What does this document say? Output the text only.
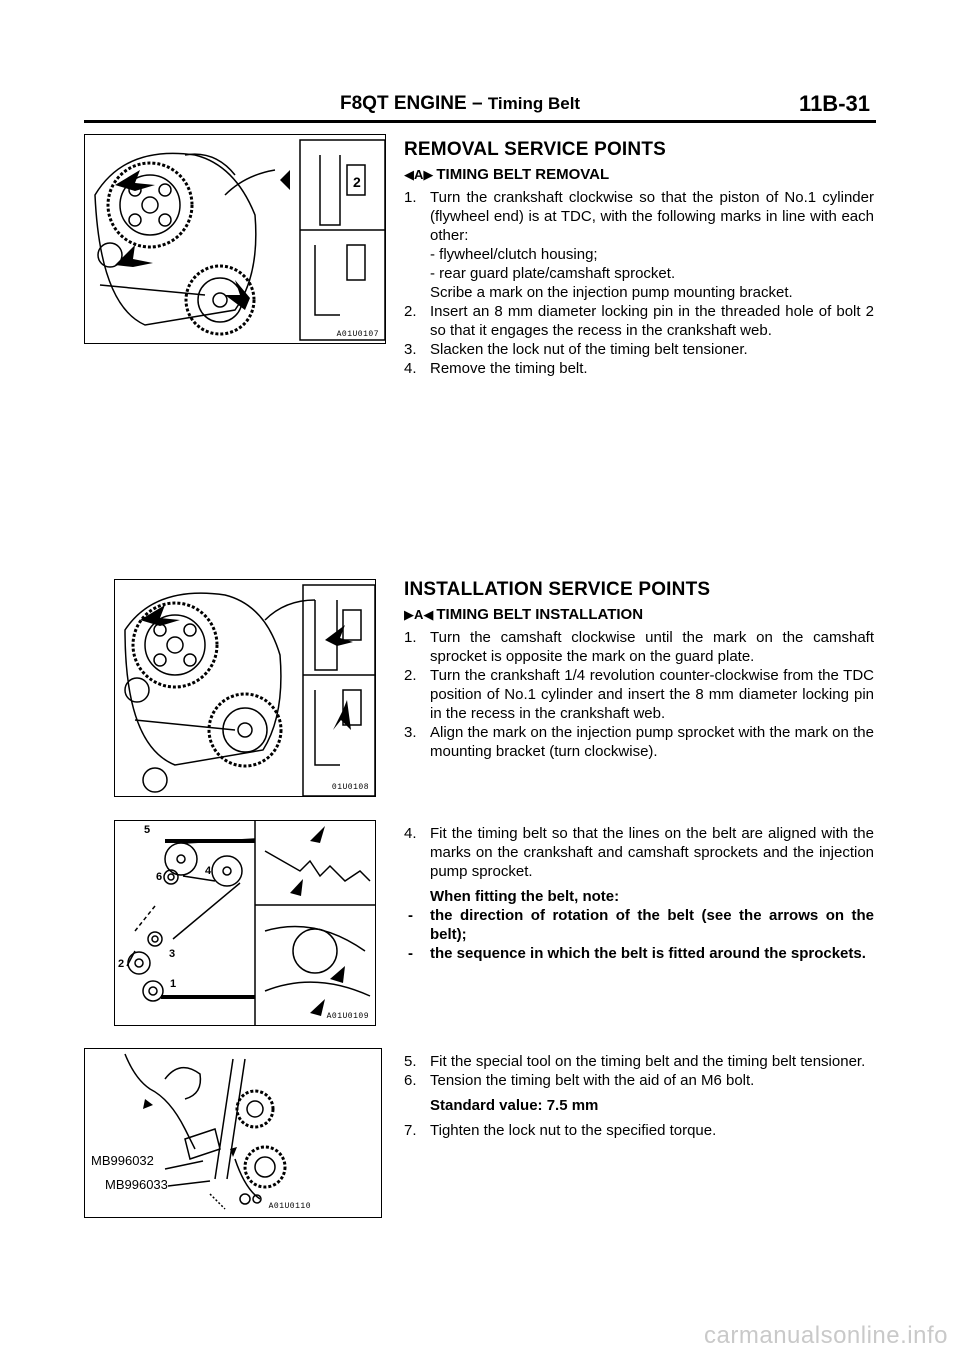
F8QT ENGINE – Timing Belt	11B-31
2
A01U0107
01U0108
5
6	4
3
2
1
A01U0109
MB996032
MB996033
A01U0110
REMOVAL SERVICE POINTS
◀A▶ TIMING BELT REMOVAL
1. Turn the crankshaft clockwise so that the piston of No.1 cylinder (flywheel end) is at TDC, with the following marks in line with each other:

- flywheel/clutch housing;

- rear guard plate/camshaft sprocket.

Scribe a mark on the injection pump mounting bracket.

2. Insert an 8 mm diameter locking pin in the threaded hole of bolt 2 so that it engages the recess in the crankshaft web.

3. Slacken the lock nut of the timing belt tensioner.

4. Remove the timing belt.

INSTALLATION SERVICE POINTS
▶A◀ TIMING BELT INSTALLATION
1. Turn the camshaft clockwise until the mark on the camshaft sprocket is opposite the mark on the guard plate.

2. Turn the crankshaft 1/4 revolution counter-clockwise from the TDC position of No.1 cylinder and insert the 8 mm diameter locking pin in the recess in the crankshaft web.

3. Align the mark on the injection pump sprocket with the mark on the mounting bracket (turn clockwise).

4. Fit the timing belt so that the lines on the belt are aligned with the marks on the crankshaft and camshaft sprockets and the injection pump sprocket.

When fitting the belt, note:

- the direction of rotation of the belt (see the arrows on the belt);
- the sequence in which the belt is fitted around the sprockets.
5. Fit the special tool on the timing belt and the timing belt tensioner.

6. Tension the timing belt with the aid of an M6 bolt.

Standard value: 7.5 mm

7. Tighten the lock nut to the specified torque.

carmanualsonline.info
